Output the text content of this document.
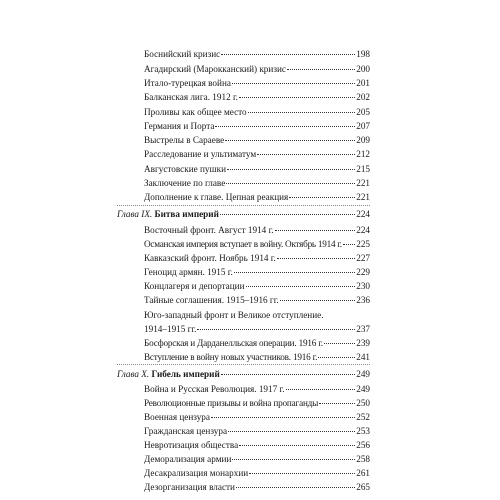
Боснийский кризис	198
Агадирский (Марокканский) кризис	200
Итало-турецкая война	201
Балканская лига. 1912 г.	202
Проливы как общее место	205
Германия и Порта	207
Выстрелы в Сараеве	209
Расследование и ультиматум	212
Августовские пушки	215
Заключение по главе	221
Дополнение к главе. Цепная реакция	221
Глава IX. Битва империй	224
Восточный фронт. Август 1914 г.	224
Османская империя вступает в войну. Октябрь 1914 г. 225
Кавказский фронт. Ноябрь 1914 г.	227
Геноцид армян. 1915 г.	229
Концлагеря и депортации	230
Тайные соглашения. 1915–1916 гг.	236
Юго-западный фронт и Великое отступление.
1914–1915 гг.	237
Босфорская и Дарданелльская операции. 1916 г.	239
Вступление в войну новых участников. 1916 г.	241
Глава X. Гибель империй	249
Война и Русская Революция. 1917 г.	249
Революционные призывы и война пропаганды	250
Военная цензура	252
Гражданская цензура	253
Невротизация общества	256
Деморализация армии	258
Десакрализация монархии	261
Дезорганизация власти	265
